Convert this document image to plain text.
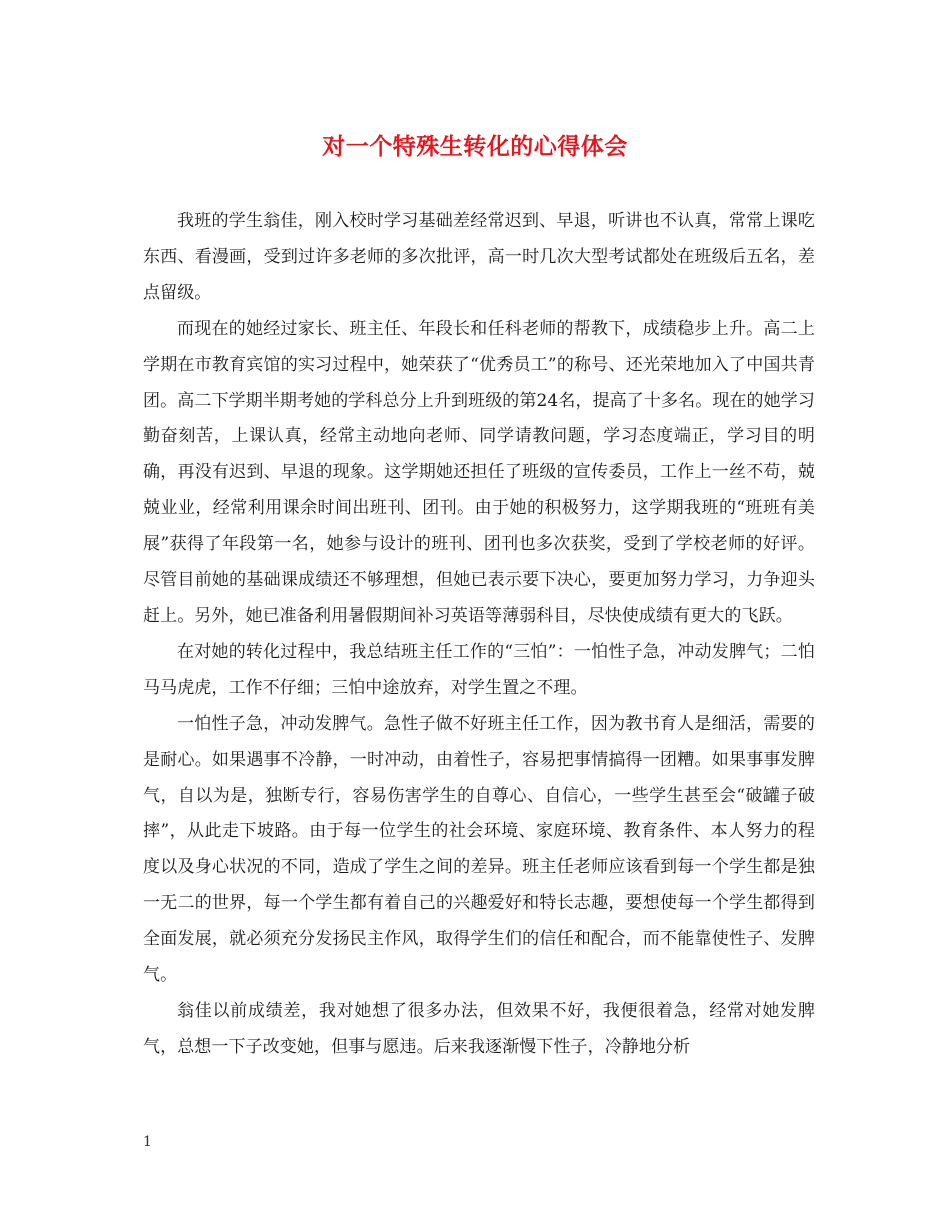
对一个特殊生转化的心得体会

我班的学生翁佳，刚入校时学习基础差经常迟到、早退，听讲也不认真，常常上课吃东西、看漫画，受到过许多老师的多次批评，高一时几次大型考试都处在班级后五名，差点留级。

而现在的她经过家长、班主任、年段长和任科老师的帮教下，成绩稳步上升。高二上学期在市教育宾馆的实习过程中，她荣获了“优秀员工”的称号、还光荣地加入了中国共青团。高二下学期半期考她的学科总分上升到班级的第24名，提高了十多名。现在的她学习勤奋刻苦，上课认真，经常主动地向老师、同学请教问题，学习态度端正，学习目的明确，再没有迟到、早退的现象。这学期她还担任了班级的宣传委员，工作上一丝不苟，兢兢业业，经常利用课余时间出班刊、团刊。由于她的积极努力，这学期我班的“班班有美展”获得了年段第一名，她参与设计的班刊、团刊也多次获奖，受到了学校老师的好评。尽管目前她的基础课成绩还不够理想，但她已表示要下决心，要更加努力学习，力争迎头赶上。另外，她已准备利用暑假期间补习英语等薄弱科目，尽快使成绩有更大的飞跃。

在对她的转化过程中，我总结班主任工作的“三怕”：一怕性子急，冲动发脾气；二怕马马虎虎，工作不仔细；三怕中途放弃，对学生置之不理。

一怕性子急，冲动发脾气。急性子做不好班主任工作，因为教书育人是细活，需要的是耐心。如果遇事不冷静，一时冲动，由着性子，容易把事情搞得一团糟。如果事事发脾气，自以为是，独断专行，容易伤害学生的自尊心、自信心，一些学生甚至会“破罐子破摔”，从此走下坡路。由于每一位学生的社会环境、家庭环境、教育条件、本人努力的程度以及身心状况的不同，造成了学生之间的差异。班主任老师应该看到每一个学生都是独一无二的世界，每一个学生都有着自己的兴趣爱好和特长志趣，要想使每一个学生都得到全面发展，就必须充分发扬民主作风，取得学生们的信任和配合，而不能靠使性子、发脾气。

翁佳以前成绩差，我对她想了很多办法，但效果不好，我便很着急，经常对她发脾气，总想一下子改变她，但事与愿违。后来我逐渐慢下性子，冷静地分析

1
